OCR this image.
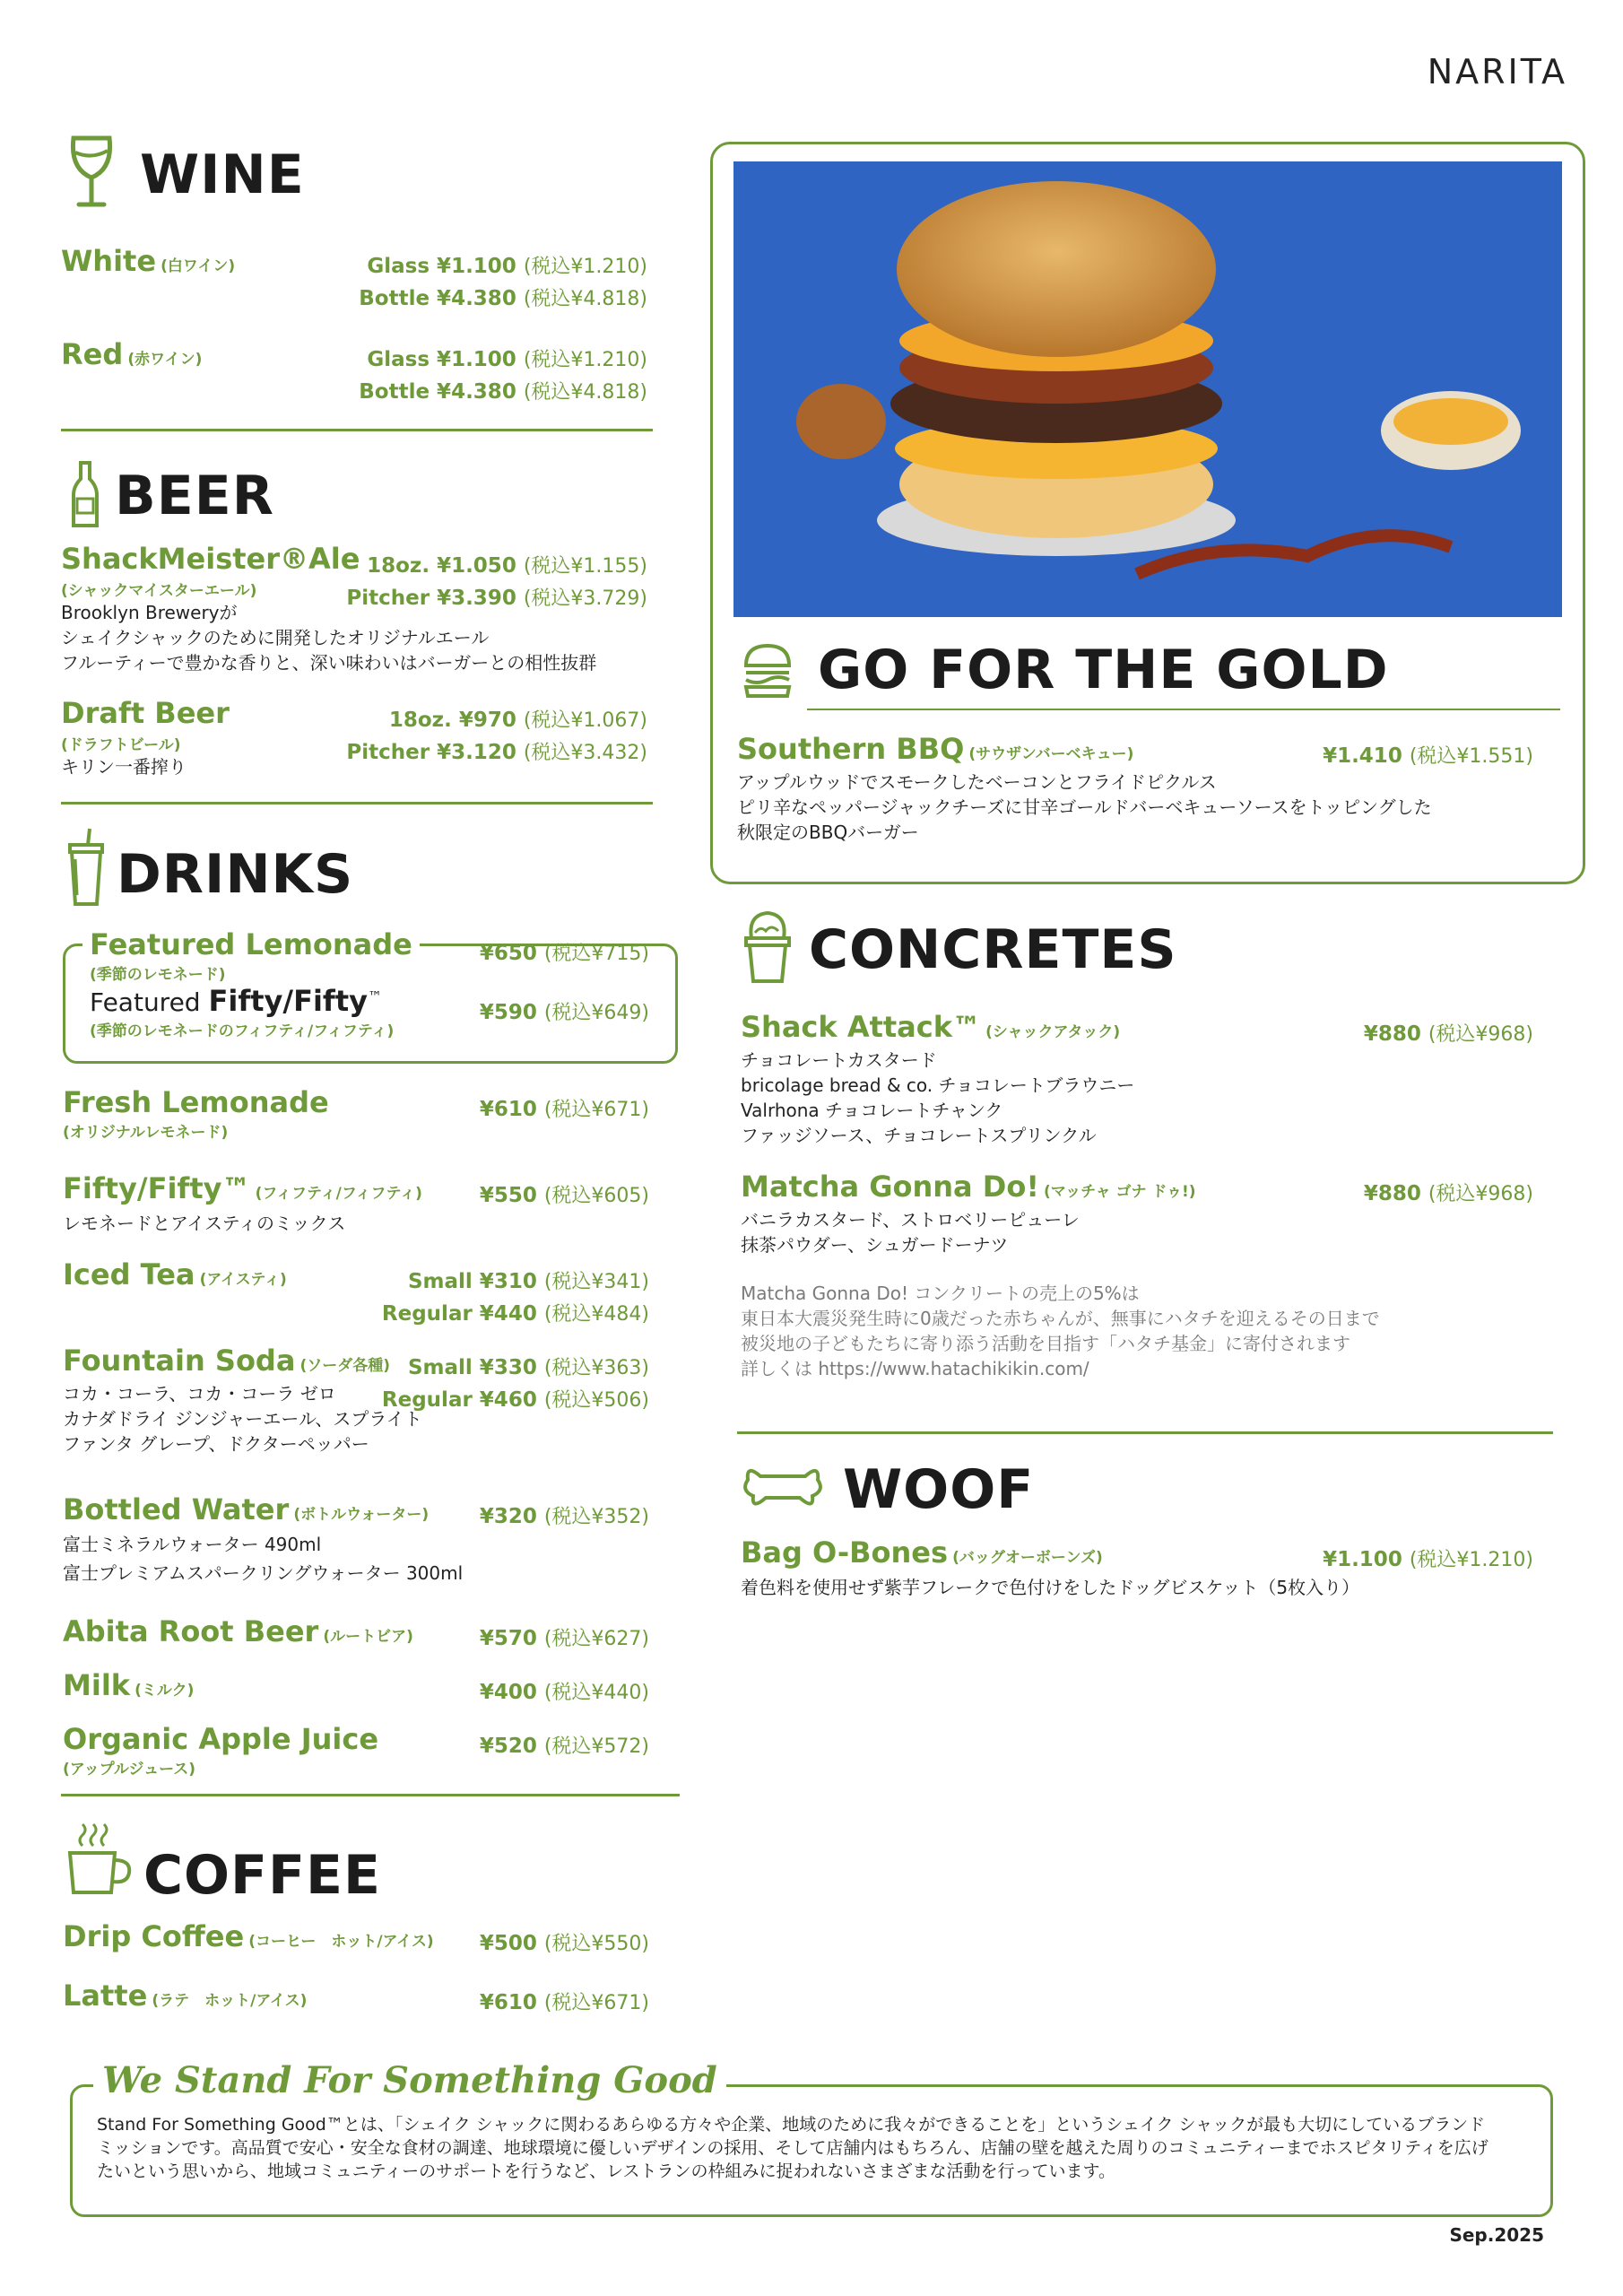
NARITA
WINE
White (白ワイン)	Glass ¥1.100 (税込¥1.210)
Bottle ¥4.380 (税込¥4.818)
Red (赤ワイン)	Glass ¥1.100 (税込¥1.210)
Bottle ¥4.380 (税込¥4.818)
BEER
ShackMeister®Ale
(シャックマイスターエール)
Brooklyn Breweryが
シェイクシャックのために開発したオリジナルエール
フルーティーで豊かな香りと、深い味わいはバーガーとの相性抜群
18oz. ¥1.050 (税込¥1.155)
Pitcher ¥3.390 (税込¥3.729)
Draft Beer
(ドラフトビール)
キリン一番搾り
18oz. ¥970 (税込¥1.067)
Pitcher ¥3.120 (税込¥3.432)
DRINKS
Featured Lemonade
(季節のレモネード)
Featured Fifty/Fifty™
(季節のレモネードのフィフティ/フィフティ)
¥650 (税込¥715)
¥590 (税込¥649)
Fresh Lemonade
(オリジナルレモネード)
¥610 (税込¥671)
Fifty/Fifty™ (フィフティ/フィフティ)
レモネードとアイスティのミックス
¥550 (税込¥605)
Iced Tea (アイスティ)	Small ¥310 (税込¥341)
Regular ¥440 (税込¥484)
Fountain Soda (ソーダ各種)
コカ・コーラ、コカ・コーラ ゼロ
カナダドライ ジンジャーエール、スプライト
ファンタ グレープ、ドクターペッパー
Small ¥330 (税込¥363)
Regular ¥460 (税込¥506)
Bottled Water (ボトルウォーター)
富士ミネラルウォーター 490ml
富士プレミアムスパークリングウォーター 300ml
¥320 (税込¥352)
Abita Root Beer (ルートビア)	¥570 (税込¥627)
Milk (ミルク)	¥400 (税込¥440)
Organic Apple Juice
(アップルジュース)
¥520 (税込¥572)
COFFEE
Drip Coffee (コーヒー　ホット/アイス) ¥500 (税込¥550)
Latte (ラテ　ホット/アイス)	¥610 (税込¥671)
GO FOR THE GOLD
Southern BBQ (サウザンバーベキュー)
アップルウッドでスモークしたベーコンとフライドピクルス
ピリ辛なペッパージャックチーズに甘辛ゴールドバーベキューソースをトッピングした
秋限定のBBQバーガー
¥1.410 (税込¥1.551)
CONCRETES
Shack Attack™ (シャックアタック)
チョコレートカスタード
bricolage bread & co. チョコレートブラウニー
Valrhona チョコレートチャンク
ファッジソース、チョコレートスプリンクル
¥880 (税込¥968)
Matcha Gonna Do! (マッチャ ゴナ ドゥ!)
バニラカスタード、ストロベリーピューレ
抹茶パウダー、シュガードーナツ
¥880 (税込¥968)
Matcha Gonna Do! コンクリートの売上の5%は
東日本大震災発生時に0歳だった赤ちゃんが、無事にハタチを迎えるその日まで
被災地の子どもたちに寄り添う活動を目指す「ハタチ基金」に寄付されます
詳しくは https://www.hatachikikin.com/
WOOF
Bag O-Bones (バッグオーボーンズ)
着色料を使用せず紫芋フレークで色付けをしたドッグビスケット（5枚入り）
¥1.100 (税込¥1.210)
We Stand For Something Good
Stand For Something Good™とは、「シェイク シャックに関わるあらゆる方々や企業、地域のために我々ができることを」というシェイク シャックが最も大切にしているブランド
ミッションです。高品質で安心・安全な食材の調達、地球環境に優しいデザインの採用、そして店舗内はもちろん、店舗の壁を越えた周りのコミュニティーまでホスピタリティを広げ
たいという思いから、地域コミュニティーのサポートを行うなど、レストランの枠組みに捉われないさまざまな活動を行っています。
Sep.2025
